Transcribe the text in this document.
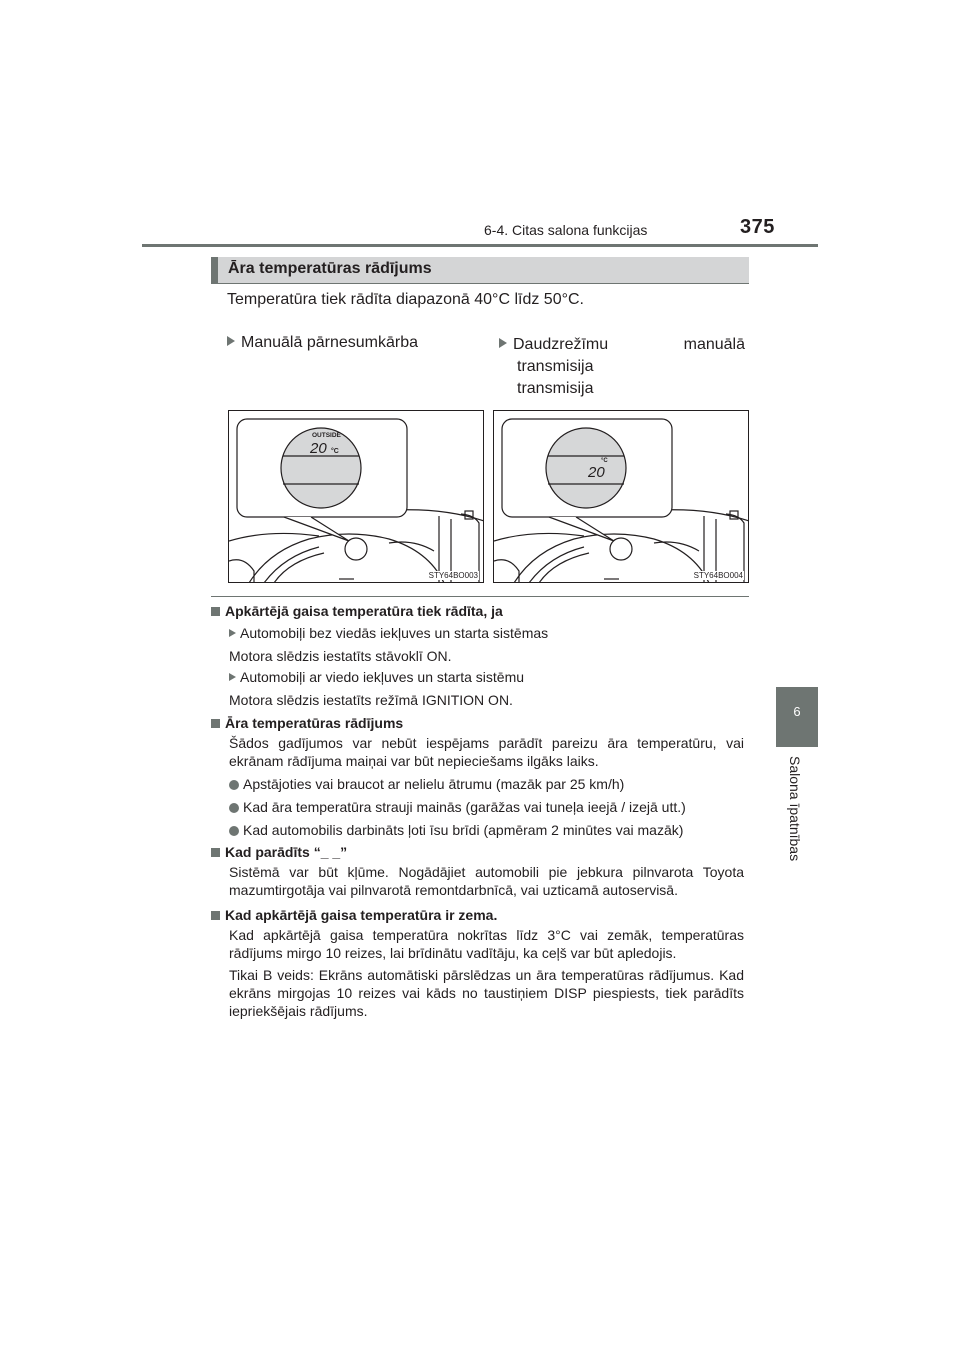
6-4. Citas salona funkcijas	375
6
Salona īpatnības
Āra temperatūras rādījums
Temperatūra tiek rādīta diapazonā 40°C līdz 50°C.
Manuālā pārnesumkārba	Daudzrežīmu	manuālā
transmisija
transmisija
OUTSIDE
20 °C
STY64BO003
°C
20
STY64BO004
Apkārtējā gaisa temperatūra tiek rādīta, ja
Automobiļi bez viedās iekļuves un starta sistēmas
Motora slēdzis iestatīts stāvoklī ON.
Automobiļi ar viedo iekļuves un starta sistēmu
Motora slēdzis iestatīts režīmā IGNITION ON.
Āra temperatūras rādījums
Šādos gadījumos var nebūt iespējams parādīt pareizu āra temperatūru, vai ekrānam rādījuma maiņai var būt nepieciešams ilgāks laiks.
Apstājoties vai braucot ar nelielu ātrumu (mazāk par 25 km/h)
Kad āra temperatūra strauji mainās (garāžas vai tuneļa ieejā / izejā utt.)
Kad automobilis darbināts ļoti īsu brīdi (apmēram 2 minūtes vai mazāk)
Kad parādīts “_ _”
Sistēmā var būt kļūme. Nogādājiet automobili pie jebkura pilnvarota Toyota mazumtirgotāja vai pilnvarotā remontdarbnīcā, vai uzticamā autoservisā.
Kad apkārtējā gaisa temperatūra ir zema.
Kad apkārtējā gaisa temperatūra nokrītas līdz 3°C vai zemāk, temperatūras rādījums mirgo 10 reizes, lai brīdinātu vadītāju, ka ceļš var būt apledojis.
Tikai B veids: Ekrāns automātiski pārslēdzas un āra temperatūras rādījumus. Kad ekrāns mirgojas 10 reizes vai kāds no taustiņiem DISP piespiests, tiek parādīts iepriekšējais rādījums.
